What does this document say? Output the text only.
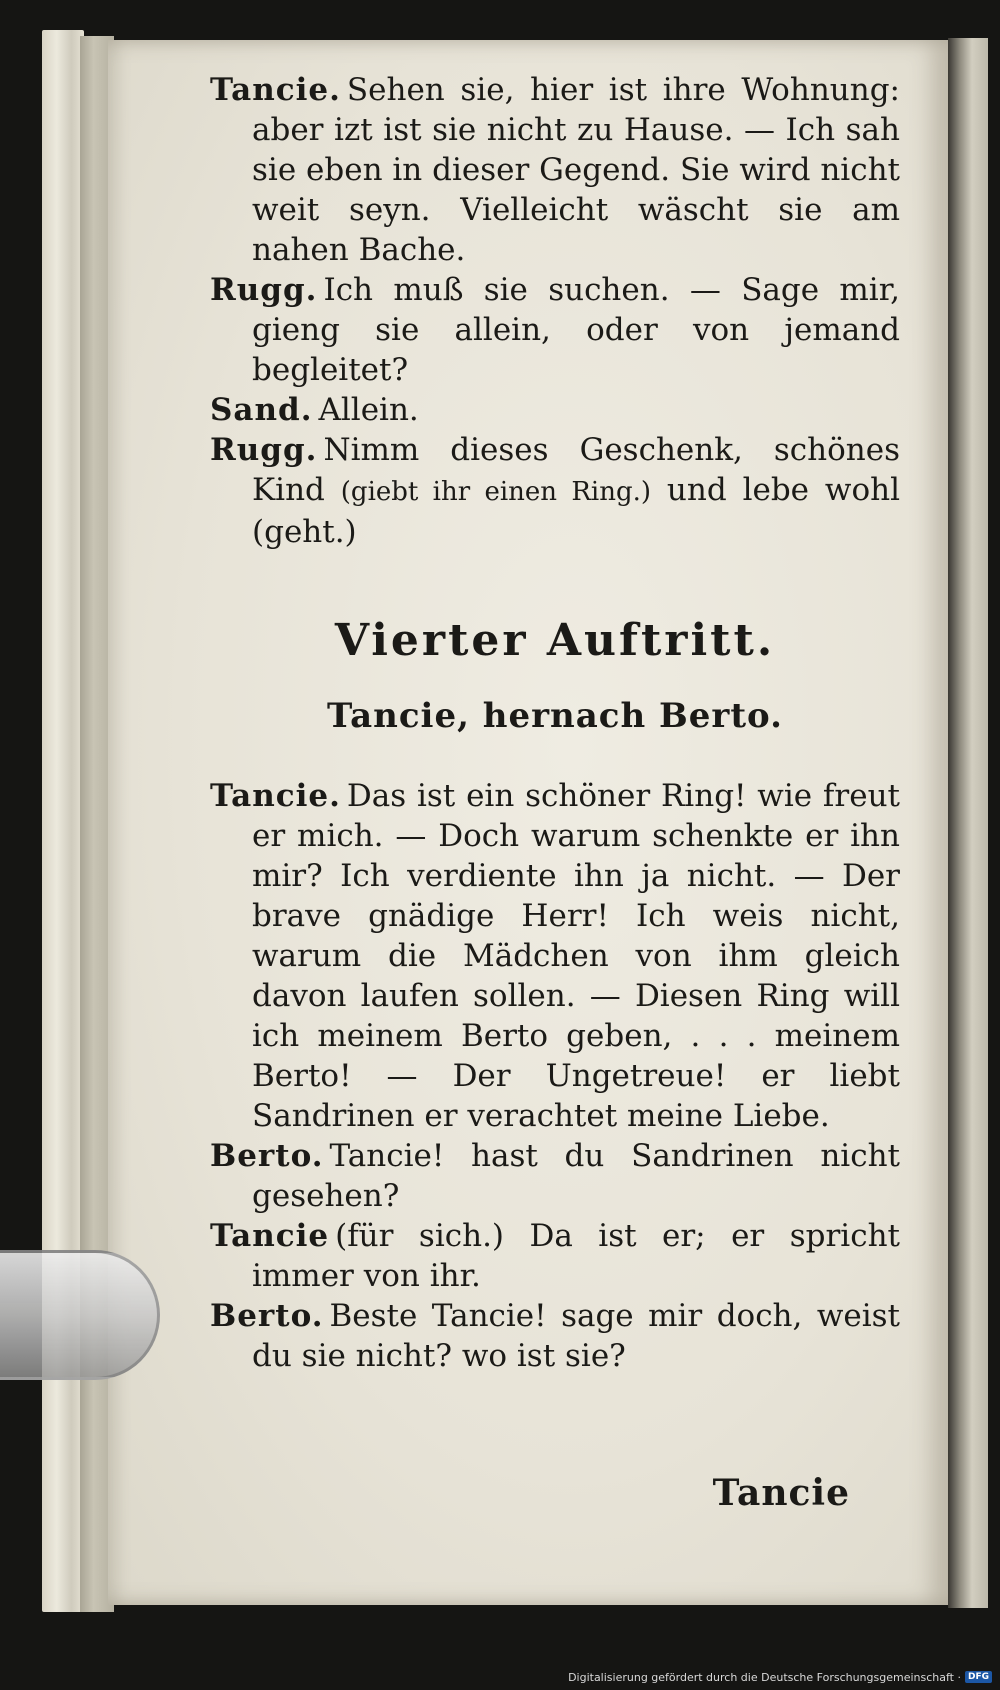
Tancie. Sehen sie, hier ist ihre Wohnung: aber izt ist sie nicht zu Hause. — Ich sah sie eben in dieser Gegend. Sie wird nicht weit seyn. Vielleicht wäscht sie am nahen Bache.

Rugg. Ich muß sie suchen. — Sage mir, gieng sie allein, oder von jemand begleitet?

Sand. Allein.

Rugg. Nimm dieses Geschenk, schönes Kind (giebt ihr einen Ring.) und lebe wohl (geht.)

Vierter Auftritt.
Tancie, hernach Berto.

Tancie. Das ist ein schöner Ring! wie freut er mich. — Doch warum schenkte er ihn mir? Ich verdiente ihn ja nicht. — Der brave gnädige Herr! Ich weis nicht, warum die Mädchen von ihm gleich davon laufen sollen. — Diesen Ring will ich meinem Berto geben, . . . meinem Berto! — Der Ungetreue! er liebt Sandrinen er verachtet meine Liebe.

Berto. Tancie! hast du Sandrinen nicht gesehen?

Tancie (für sich.) Da ist er; er spricht immer von ihr.

Berto. Beste Tancie! sage mir doch, weist du sie nicht? wo ist sie?

Tancie
Digitalisierung gefördert durch die Deutsche Forschungsgemeinschaft · DFG
